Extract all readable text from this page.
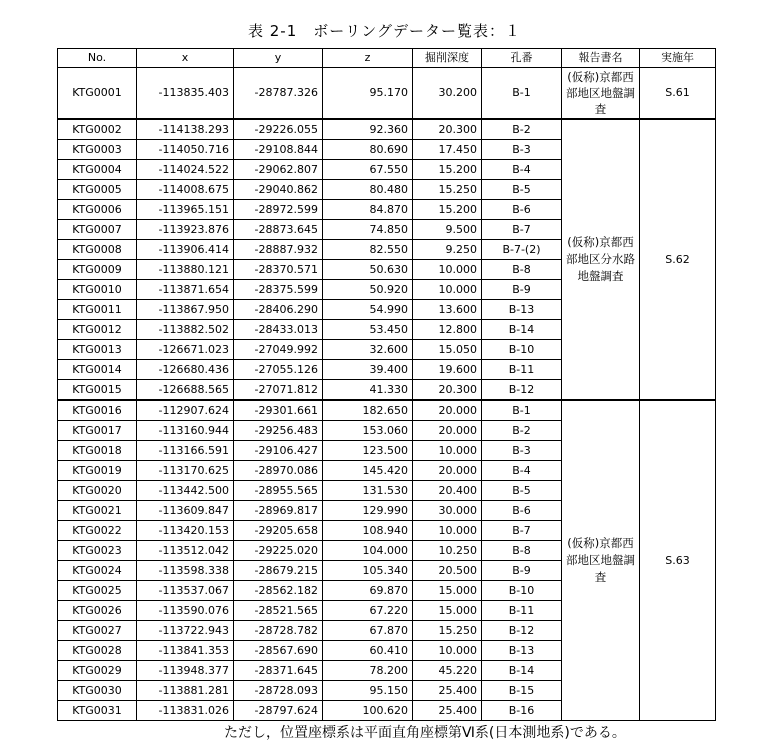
表 2-1　ボーリングデーター覧表：１
No.	x	y	z	掘削深度	孔番	報告書名	実施年
KTG0001	-113835.403	-28787.326	95.170	30.200	B-1	(仮称)京都西部地区地盤調査	S.61
KTG0002	-114138.293	-29226.055	92.360	20.300	B-2	(仮称)京都西部地区分水路地盤調査	S.62
KTG0003	-114050.716	-29108.844	80.690	17.450	B-3		
KTG0004	-114024.522	-29062.807	67.550	15.200	B-4		
KTG0005	-114008.675	-29040.862	80.480	15.250	B-5		
KTG0006	-113965.151	-28972.599	84.870	15.200	B-6		
KTG0007	-113923.876	-28873.645	74.850	9.500	B-7		
KTG0008	-113906.414	-28887.932	82.550	9.250	B-7-(2)		
KTG0009	-113880.121	-28370.571	50.630	10.000	B-8		
KTG0010	-113871.654	-28375.599	50.920	10.000	B-9		
KTG0011	-113867.950	-28406.290	54.990	13.600	B-13		
KTG0012	-113882.502	-28433.013	53.450	12.800	B-14		
KTG0013	-126671.023	-27049.992	32.600	15.050	B-10		
KTG0014	-126680.436	-27055.126	39.400	19.600	B-11		
KTG0015	-126688.565	-27071.812	41.330	20.300	B-12		
KTG0016	-112907.624	-29301.661	182.650	20.000	B-1	(仮称)京都西部地区地盤調査	S.63
KTG0017	-113160.944	-29256.483	153.060	20.000	B-2		
KTG0018	-113166.591	-29106.427	123.500	10.000	B-3		
KTG0019	-113170.625	-28970.086	145.420	20.000	B-4		
KTG0020	-113442.500	-28955.565	131.530	20.400	B-5		
KTG0021	-113609.847	-28969.817	129.990	30.000	B-6		
KTG0022	-113420.153	-29205.658	108.940	10.000	B-7		
KTG0023	-113512.042	-29225.020	104.000	10.250	B-8		
KTG0024	-113598.338	-28679.215	105.340	20.500	B-9		
KTG0025	-113537.067	-28562.182	69.870	15.000	B-10		
KTG0026	-113590.076	-28521.565	67.220	15.000	B-11		
KTG0027	-113722.943	-28728.782	67.870	15.250	B-12		
KTG0028	-113841.353	-28567.690	60.410	10.000	B-13		
KTG0029	-113948.377	-28371.645	78.200	45.220	B-14		
KTG0030	-113881.281	-28728.093	95.150	25.400	B-15		
KTG0031	-113831.026	-28797.624	100.620	25.400	B-16		
ただし，位置座標系は平面直角座標第Ⅵ系(日本測地系)である。
